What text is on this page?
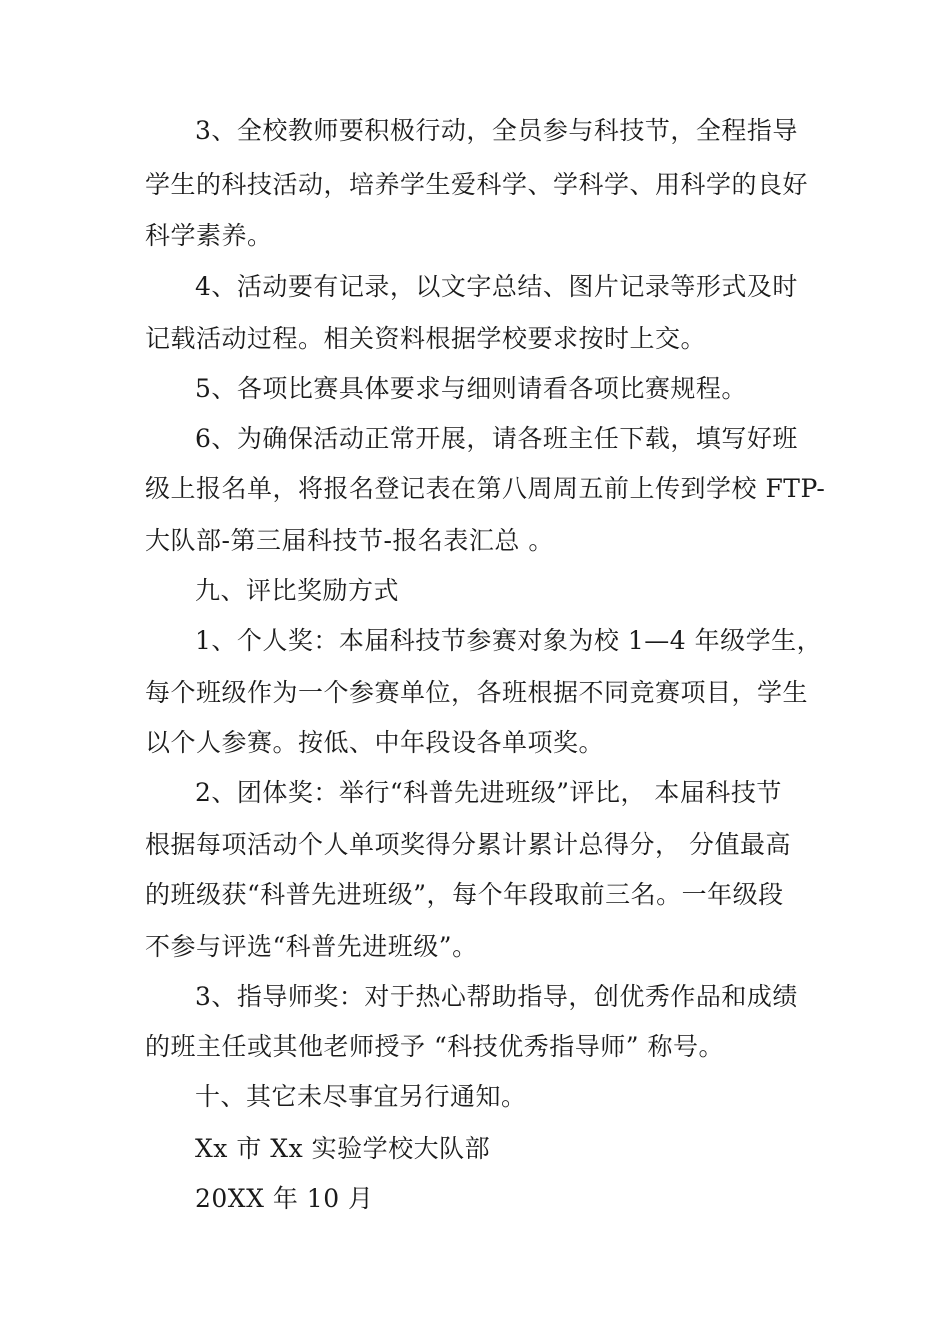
3、全校教师要积极行动，全员参与科技节，全程指导
学生的科技活动，培养学生爱科学、学科学、用科学的良好
科学素养。
4、活动要有记录，以文字总结、图片记录等形式及时
记载活动过程。相关资料根据学校要求按时上交。
5、各项比赛具体要求与细则请看各项比赛规程。
6、为确保活动正常开展，请各班主任下载，填写好班
级上报名单，将报名登记表在第八周周五前上传到学校 FTP-
大队部-第三届科技节-报名表汇总 。
九、评比奖励方式
1、个人奖：本届科技节参赛对象为校 1—4 年级学生，
每个班级作为一个参赛单位，各班根据不同竞赛项目，学生
以个人参赛。按低、中年段设各单项奖。
2、团体奖：举行“科普先进班级”评比， 本届科技节
根据每项活动个人单项奖得分累计累计总得分， 分值最高
的班级获“科普先进班级”，每个年段取前三名。一年级段
不参与评选“科普先进班级”。
3、指导师奖：对于热心帮助指导，创优秀作品和成绩
的班主任或其他老师授予 “科技优秀指导师” 称号。
十、其它未尽事宜另行通知。
Xx 市 Xx 实验学校大队部
20XX 年 10 月
